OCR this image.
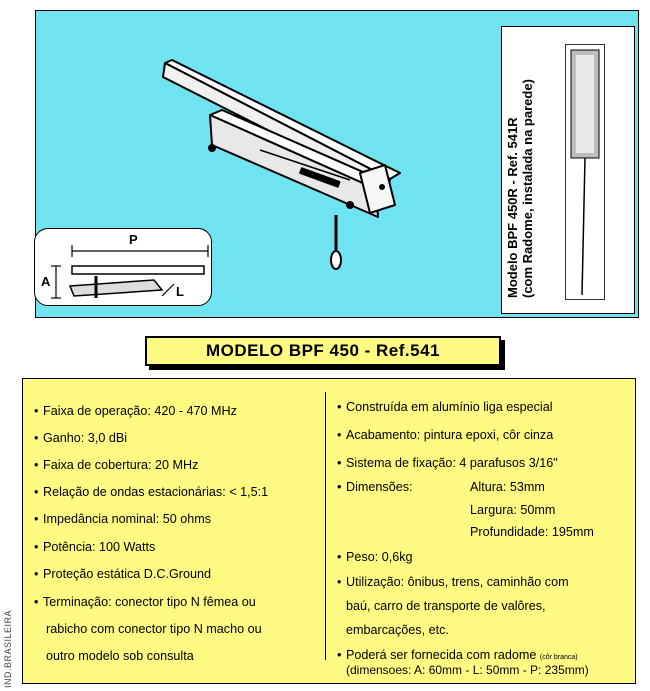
P
A
L	Modelo BPF 450R - Ref. 541R (com Radome, instalada na parede)
MODELO BPF 450 - Ref.541
• Faixa de operação: 420 - 470 MHz
• Ganho: 3,0 dBi
• Faixa de cobertura: 20 MHz
• Relação de ondas estacionárias: < 1,5:1
• Impedância nominal: 50 ohms
• Potência: 100 Watts
• Proteção estática D.C.Ground
• Terminação: conector tipo N fêmea ou
rabicho com conector tipo N macho ou
outro modelo sob consulta
• Construída em alumínio liga especial
• Acabamento: pintura epoxi, côr cinza
• Sistema de fixação: 4 parafusos 3/16"
• Dimensões:	Altura: 53mm
Largura: 50mm
Profundidade: 195mm
• Peso: 0,6kg
• Utilização: ônibus, trens, caminhão com
baú, carro de transporte de valôres,
embarcações, etc.
• Poderá ser fornecida com radome (côr branca)
(dimensoes: A: 60mm - L: 50mm - P: 235mm)
IND.BRASILEIRA
